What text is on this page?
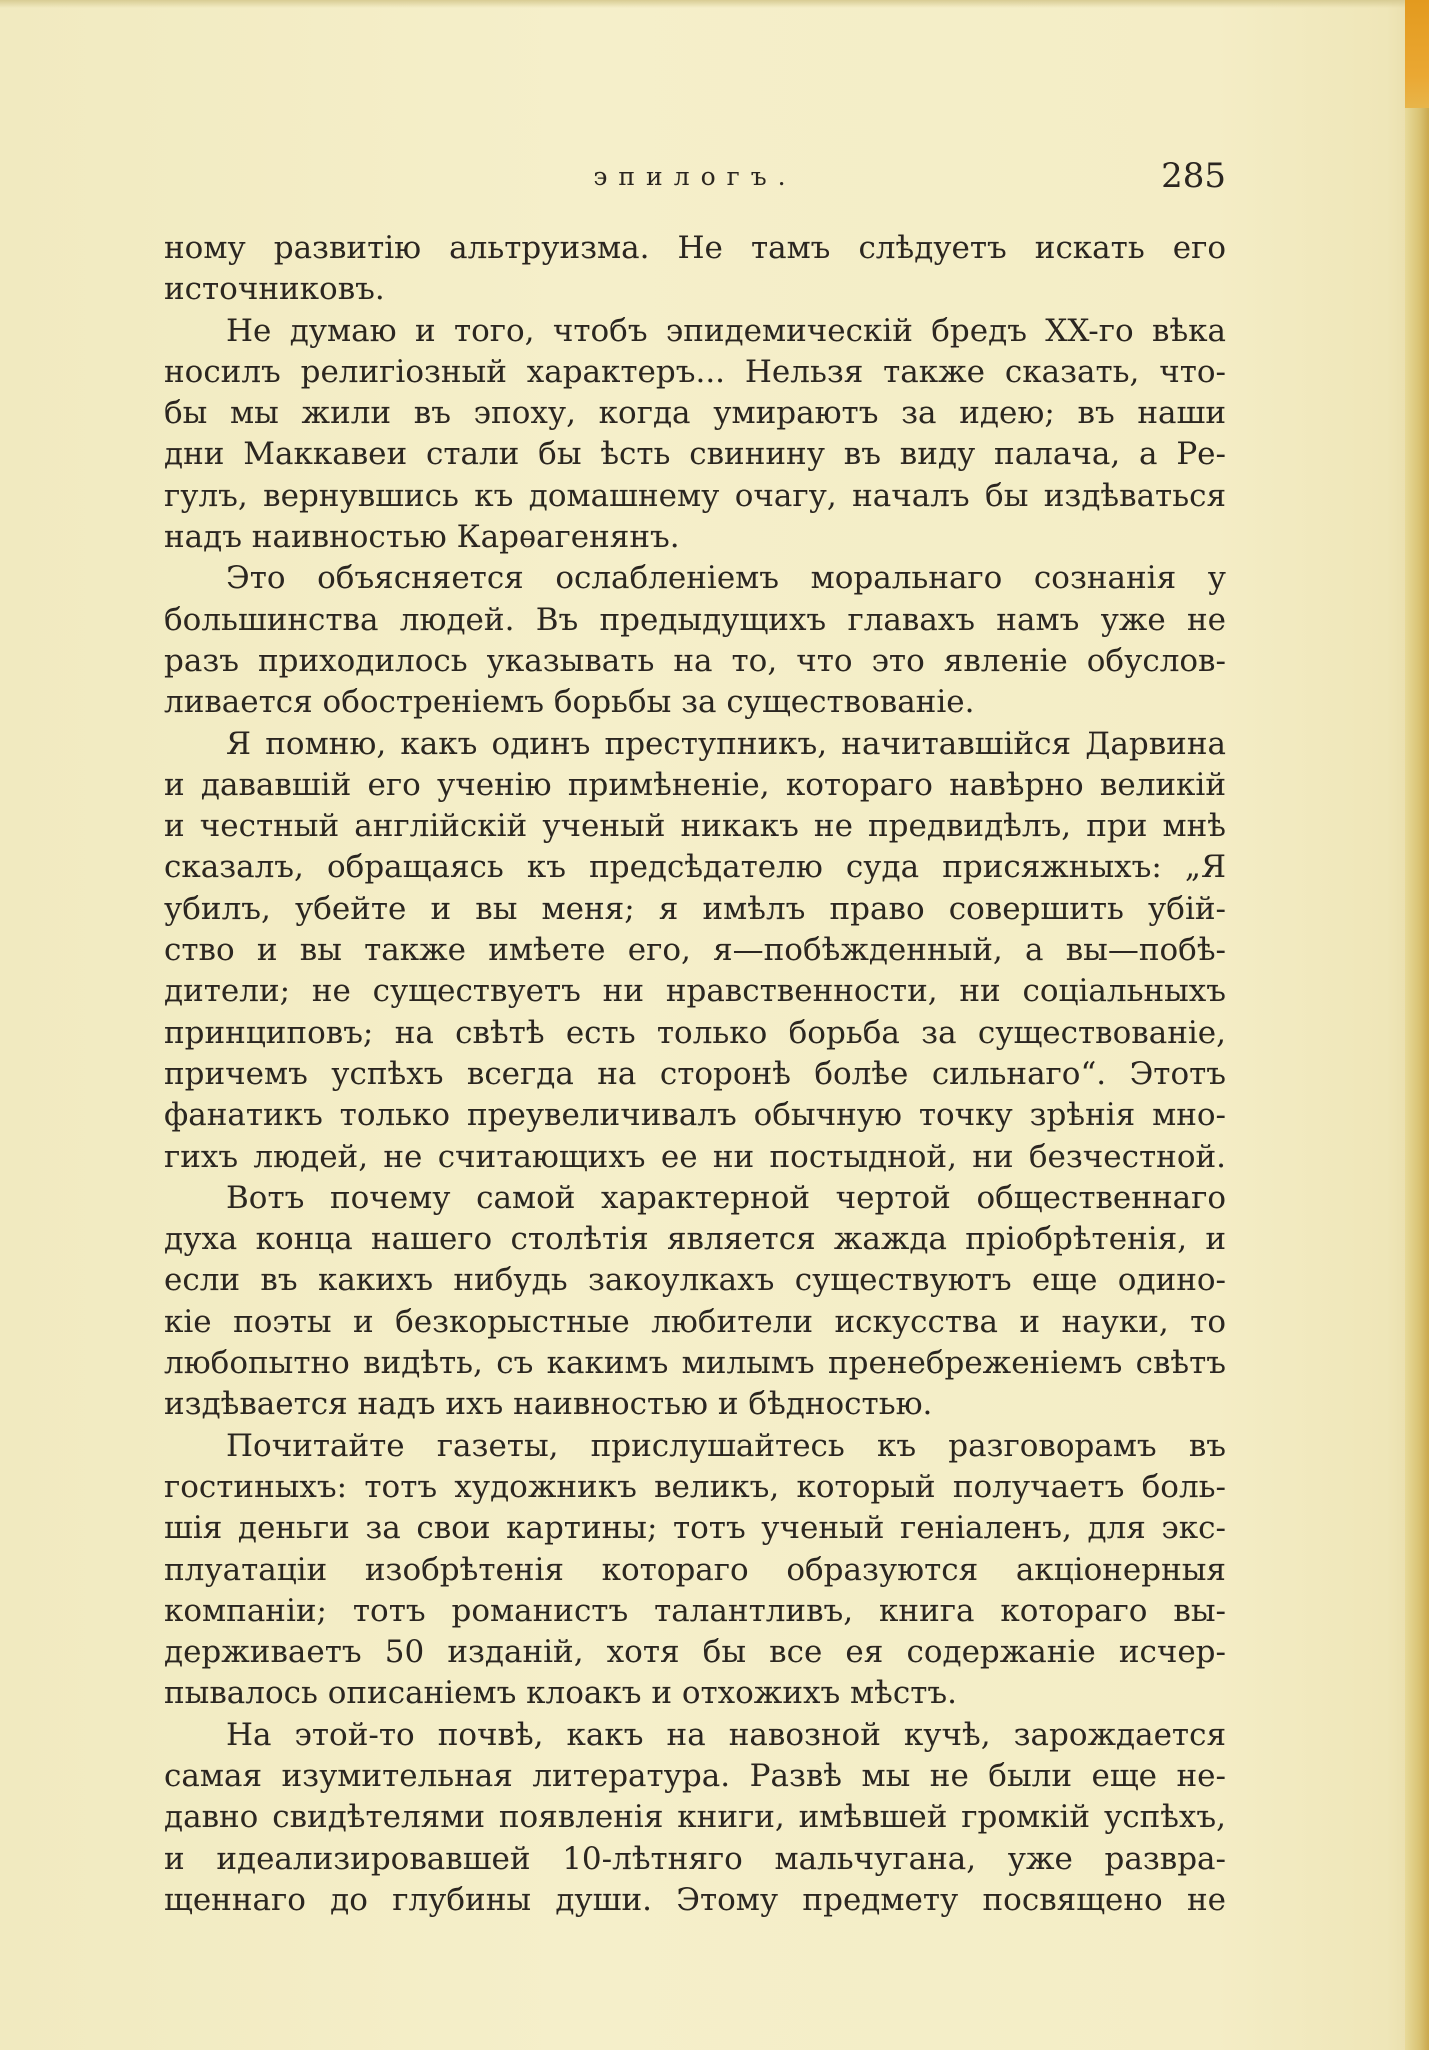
эпилогъ.	285
ному развитію альтруизма. Не тамъ слѣдуетъ искать его
источниковъ.
Не думаю и того, чтобъ эпидемическій бредъ XX-го вѣка
носилъ религіозный характеръ... Нельзя также сказать, что-
бы мы жили въ эпоху, когда умираютъ за идею; въ наши
дни Маккавеи стали бы ѣсть свинину въ виду палача, а Ре-
гулъ, вернувшись къ домашнему очагу, началъ бы издѣваться
надъ наивностью Карѳагенянъ.
Это объясняется ослабленіемъ моральнаго сознанія у
большинства людей. Въ предыдущихъ главахъ намъ уже не
разъ приходилось указывать на то, что это явленіе обуслов-
ливается обостреніемъ борьбы за существованіе.
Я помню, какъ одинъ преступникъ, начитавшійся Дарвина
и дававшій его ученію примѣненіе, котораго навѣрно великій
и честный англійскій ученый никакъ не предвидѣлъ, при мнѣ
сказалъ, обращаясь къ предсѣдателю суда присяжныхъ: „Я
убилъ, убейте и вы меня; я имѣлъ право совершить убій-
ство и вы также имѣете его, я—побѣжденный, а вы—побѣ-
дители; не существуетъ ни нравственности, ни соціальныхъ
принциповъ; на свѣтѣ есть только борьба за существованіе,
причемъ успѣхъ всегда на сторонѣ болѣе сильнаго“. Этотъ
фанатикъ только преувеличивалъ обычную точку зрѣнія мно-
гихъ людей, не считающихъ ее ни постыдной, ни безчестной.
Вотъ почему самой характерной чертой общественнаго
духа конца нашего столѣтія является жажда пріобрѣтенія, и
если въ какихъ нибудь закоулкахъ существуютъ еще одино-
кіе поэты и безкорыстные любители искусства и науки, то
любопытно видѣть, съ какимъ милымъ пренебреженіемъ свѣтъ
издѣвается надъ ихъ наивностью и бѣдностью.
Почитайте газеты, прислушайтесь къ разговорамъ въ
гостиныхъ: тотъ художникъ великъ, который получаетъ боль-
шія деньги за свои картины; тотъ ученый геніаленъ, для экс-
плуатаціи изобрѣтенія котораго образуются акціонерныя
компаніи; тотъ романистъ талантливъ, книга котораго вы-
держиваетъ 50 изданій, хотя бы все ея содержаніе исчер-
пывалось описаніемъ клоакъ и отхожихъ мѣстъ.
На этой-то почвѣ, какъ на навозной кучѣ, зарождается
самая изумительная литература. Развѣ мы не были еще не-
давно свидѣтелями появленія книги, имѣвшей громкій успѣхъ,
и идеализировавшей 10-лѣтняго мальчугана, уже развра-
щеннаго до глубины души. Этому предмету посвящено не
